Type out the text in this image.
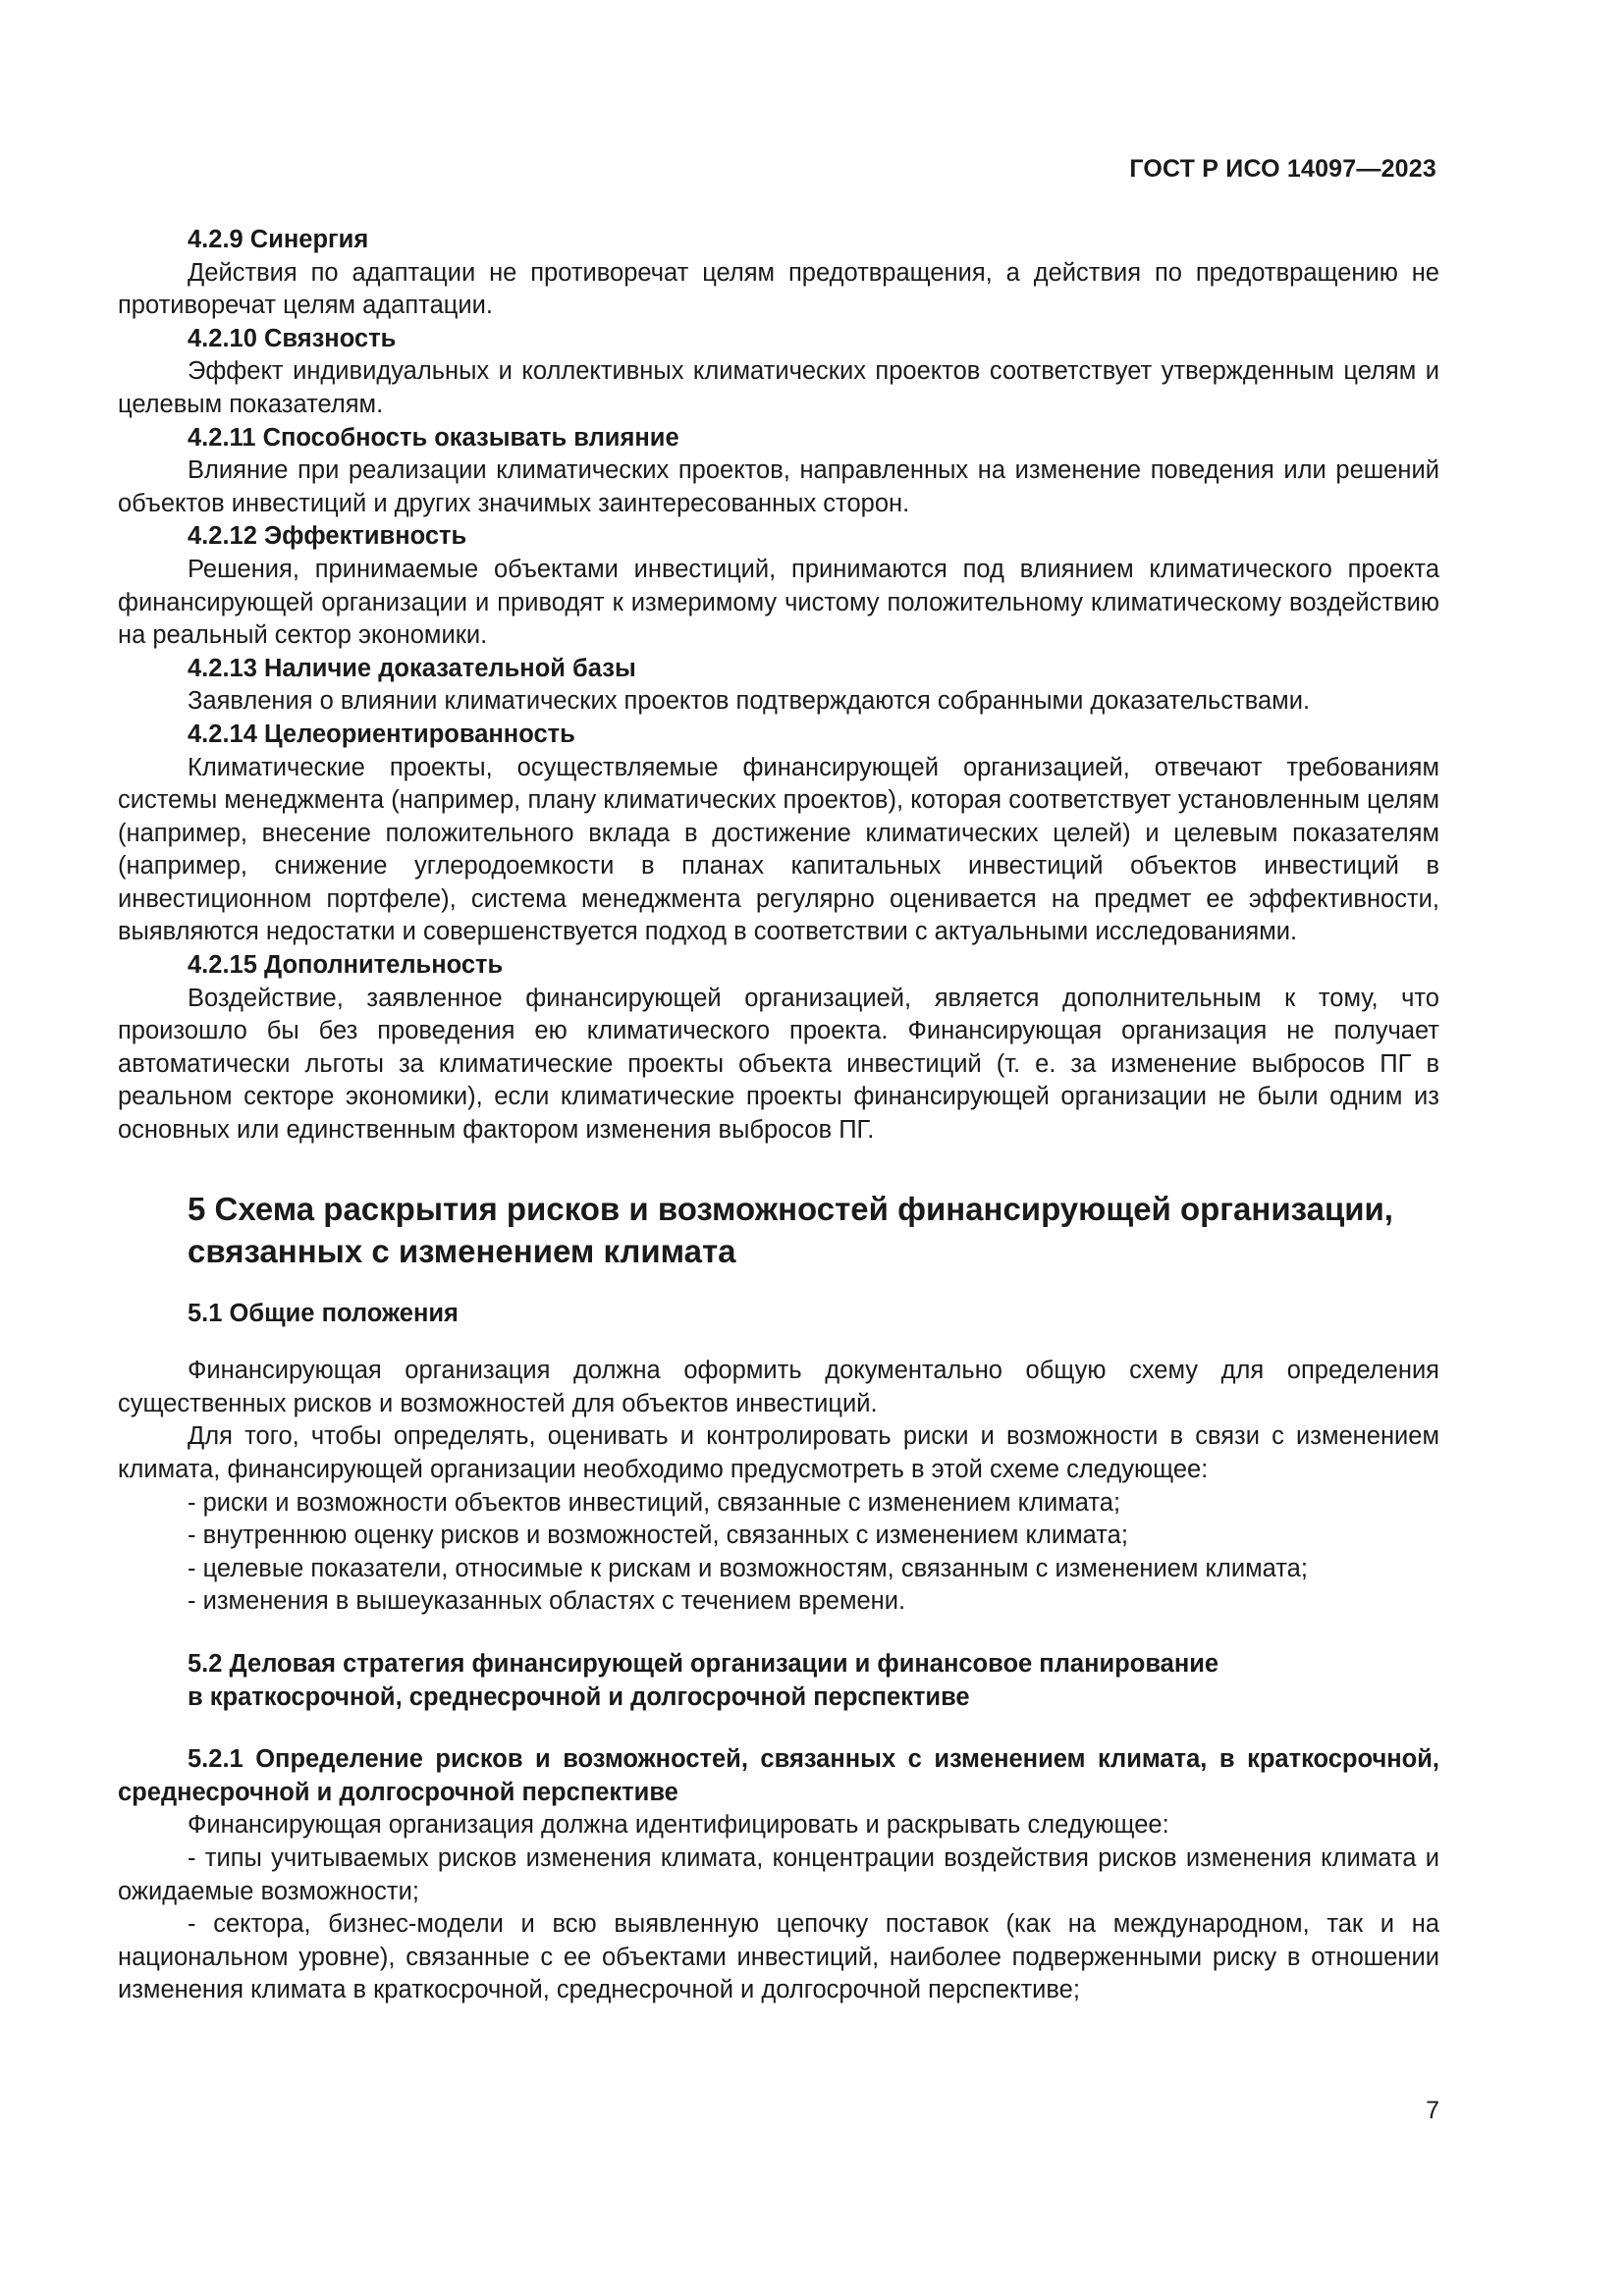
ГОСТ Р ИСО 14097—2023

4.2.9 Синергия

Действия по адаптации не противоречат целям предотвращения, а действия по предотвращению не противоречат целям адаптации.

4.2.10 Связность

Эффект индивидуальных и коллективных климатических проектов соответствует утвержденным целям и целевым показателям.

4.2.11 Способность оказывать влияние

Влияние при реализации климатических проектов, направленных на изменение поведения или решений объектов инвестиций и других значимых заинтересованных сторон.

4.2.12 Эффективность

Решения, принимаемые объектами инвестиций, принимаются под влиянием климатического проекта финансирующей организации и приводят к измеримому чистому положительному климатическому воздействию на реальный сектор экономики.

4.2.13 Наличие доказательной базы

Заявления о влиянии климатических проектов подтверждаются собранными доказательствами.

4.2.14 Целеориентированность

Климатические проекты, осуществляемые финансирующей организацией, отвечают требованиям системы менеджмента (например, плану климатических проектов), которая соответствует установленным целям (например, внесение положительного вклада в достижение климатических целей) и целевым показателям (например, снижение углеродоемкости в планах капитальных инвестиций объектов инвестиций в инвестиционном портфеле), система менеджмента регулярно оценивается на предмет ее эффективности, выявляются недостатки и совершенствуется подход в соответствии с актуальными исследованиями.

4.2.15 Дополнительность

Воздействие, заявленное финансирующей организацией, является дополнительным к тому, что произошло бы без проведения ею климатического проекта. Финансирующая организация не получает автоматически льготы за климатические проекты объекта инвестиций (т. е. за изменение выбросов ПГ в реальном секторе экономики), если климатические проекты финансирующей организации не были одним из основных или единственным фактором изменения выбросов ПГ.

5 Схема раскрытия рисков и возможностей финансирующей организации,
связанных с изменением климата

5.1 Общие положения

Финансирующая организация должна оформить документально общую схему для определения существенных рисков и возможностей для объектов инвестиций.

Для того, чтобы определять, оценивать и контролировать риски и возможности в связи с изменением климата, финансирующей организации необходимо предусмотреть в этой схеме следующее:

- риски и возможности объектов инвестиций, связанные с изменением климата;

- внутреннюю оценку рисков и возможностей, связанных с изменением климата;

- целевые показатели, относимые к рискам и возможностям, связанным с изменением климата;

- изменения в вышеуказанных областях с течением времени.

5.2 Деловая стратегия финансирующей организации и финансовое планирование

в краткосрочной, среднесрочной и долгосрочной перспективе

5.2.1 Определение рисков и возможностей, связанных с изменением климата, в краткосрочной, среднесрочной и долгосрочной перспективе

Финансирующая организация должна идентифицировать и раскрывать следующее:

- типы учитываемых рисков изменения климата, концентрации воздействия рисков изменения климата и ожидаемые возможности;

- сектора, бизнес-модели и всю выявленную цепочку поставок (как на международном, так и на национальном уровне), связанные с ее объектами инвестиций, наиболее подверженными риску в отношении изменения климата в краткосрочной, среднесрочной и долгосрочной перспективе;

7
